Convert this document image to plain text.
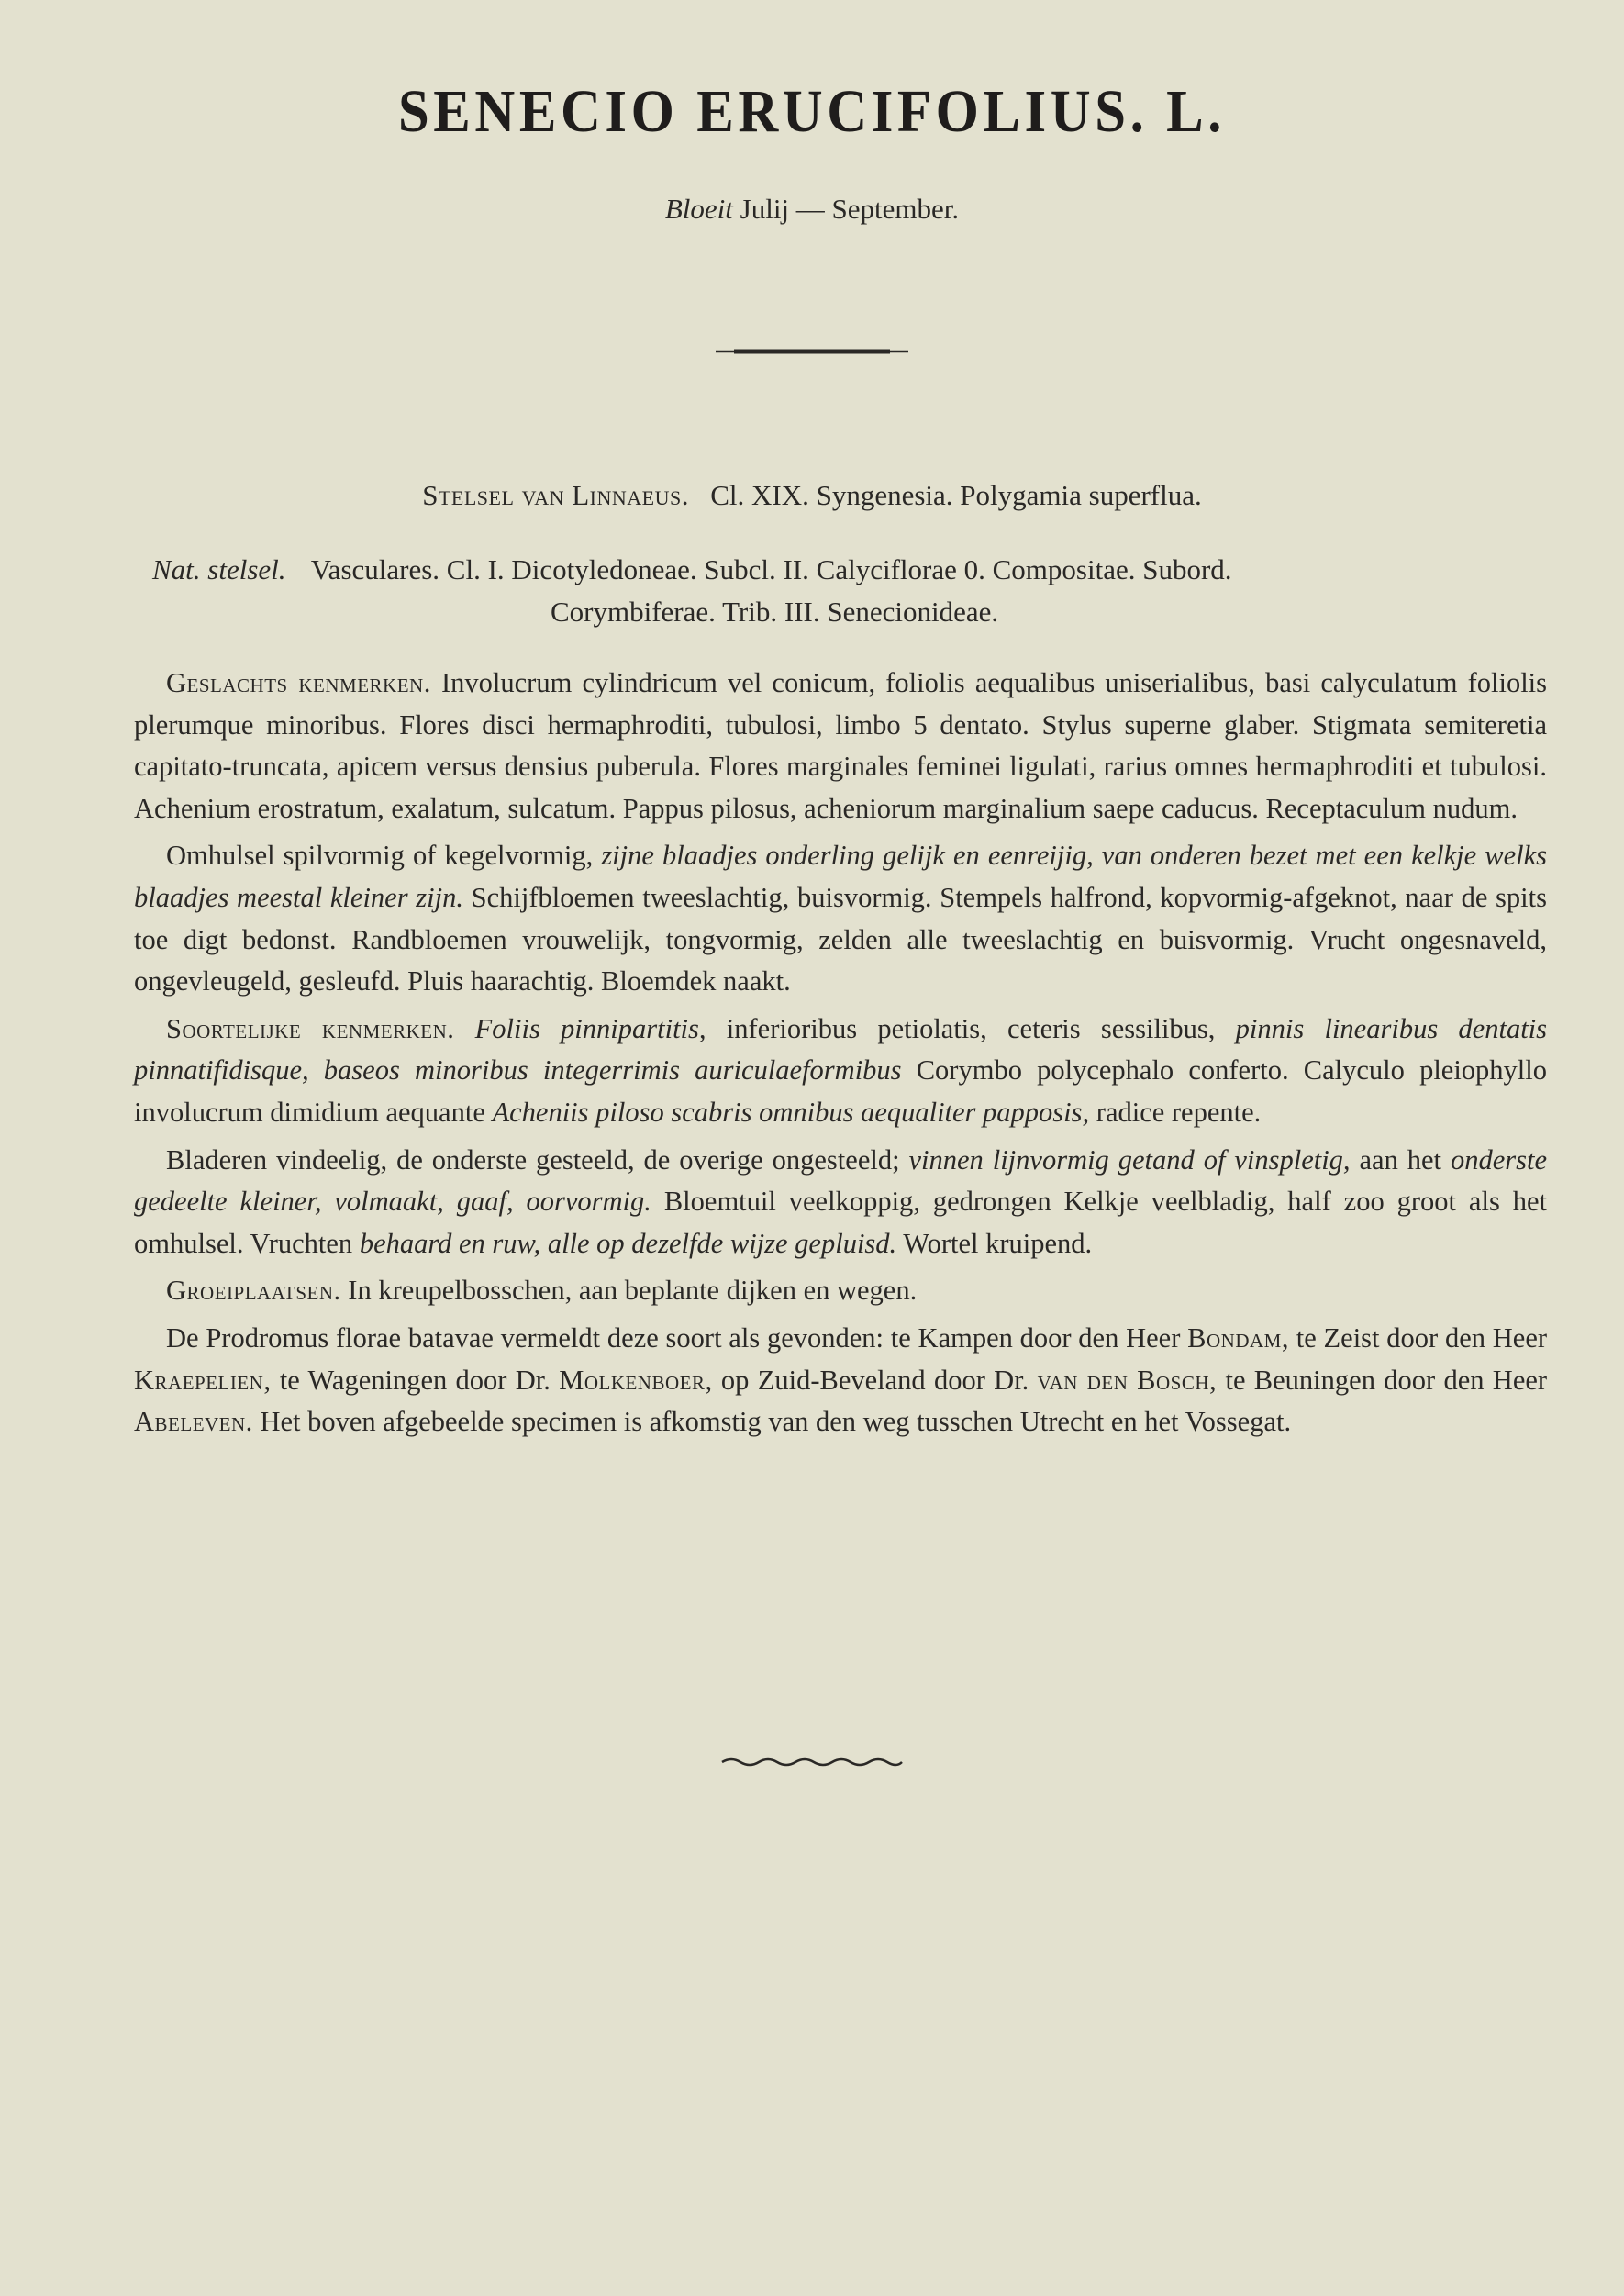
SENECIO ERUCIFOLIUS. L.
Bloeit Julij — September.
Stelsel van Linnaeus. Cl. XIX. Syngenesia. Polygamia superflua.
Nat. stelsel. Vasculares. Cl. I. Dicotyledoneae. Subcl. II. Calyciflorae 0. Compositae. Subord.
Corymbiferae. Trib. III. Senecionideae.

Geslachts kenmerken. Involucrum cylindricum vel conicum, foliolis aequalibus uniserialibus, basi calyculatum foliolis plerumque minoribus. Flores disci hermaphroditi, tubulosi, limbo 5 dentato. Stylus superne glaber. Stigmata semiteretia capitato-truncata, apicem versus densius puberula. Flores marginales feminei ligulati, rarius omnes hermaphroditi et tubulosi. Achenium erostratum, exalatum, sulcatum. Pappus pilosus, acheniorum marginalium saepe caducus. Receptaculum nudum.

Omhulsel spilvormig of kegelvormig, zijne blaadjes onderling gelijk en eenreijig, van onderen bezet met een kelkje welks blaadjes meestal kleiner zijn. Schijfbloemen tweeslachtig, buisvormig. Stempels halfrond, kopvormig-afgeknot, naar de spits toe digt bedonst. Randbloemen vrouwelijk, tongvormig, zelden alle tweeslachtig en buisvormig. Vrucht ongesnaveld, ongevleugeld, gesleufd. Pluis haarachtig. Bloemdek naakt.

Soortelijke kenmerken. Foliis pinnipartitis, inferioribus petiolatis, ceteris sessilibus, pinnis linearibus dentatis pinnatifidisque, baseos minoribus integerrimis auriculaeformibus Corymbo polycephalo conferto. Calyculo pleiophyllo involucrum dimidium aequante Acheniis piloso scabris omnibus aequaliter papposis, radice repente.

Bladeren vindeelig, de onderste gesteeld, de overige ongesteeld; vinnen lijnvormig getand of vinspletig, aan het onderste gedeelte kleiner, volmaakt, gaaf, oorvormig. Bloemtuil veelkoppig, gedrongen Kelkje veelbladig, half zoo groot als het omhulsel. Vruchten behaard en ruw, alle op dezelfde wijze gepluisd. Wortel kruipend.

Groeiplaatsen. In kreupelbosschen, aan beplante dijken en wegen.

De Prodromus florae batavae vermeldt deze soort als gevonden: te Kampen door den Heer Bondam, te Zeist door den Heer Kraepelien, te Wageningen door Dr. Molkenboer, op Zuid-Beveland door Dr. van den Bosch, te Beuningen door den Heer Abeleven. Het boven afgebeelde specimen is afkomstig van den weg tusschen Utrecht en het Vossegat.
